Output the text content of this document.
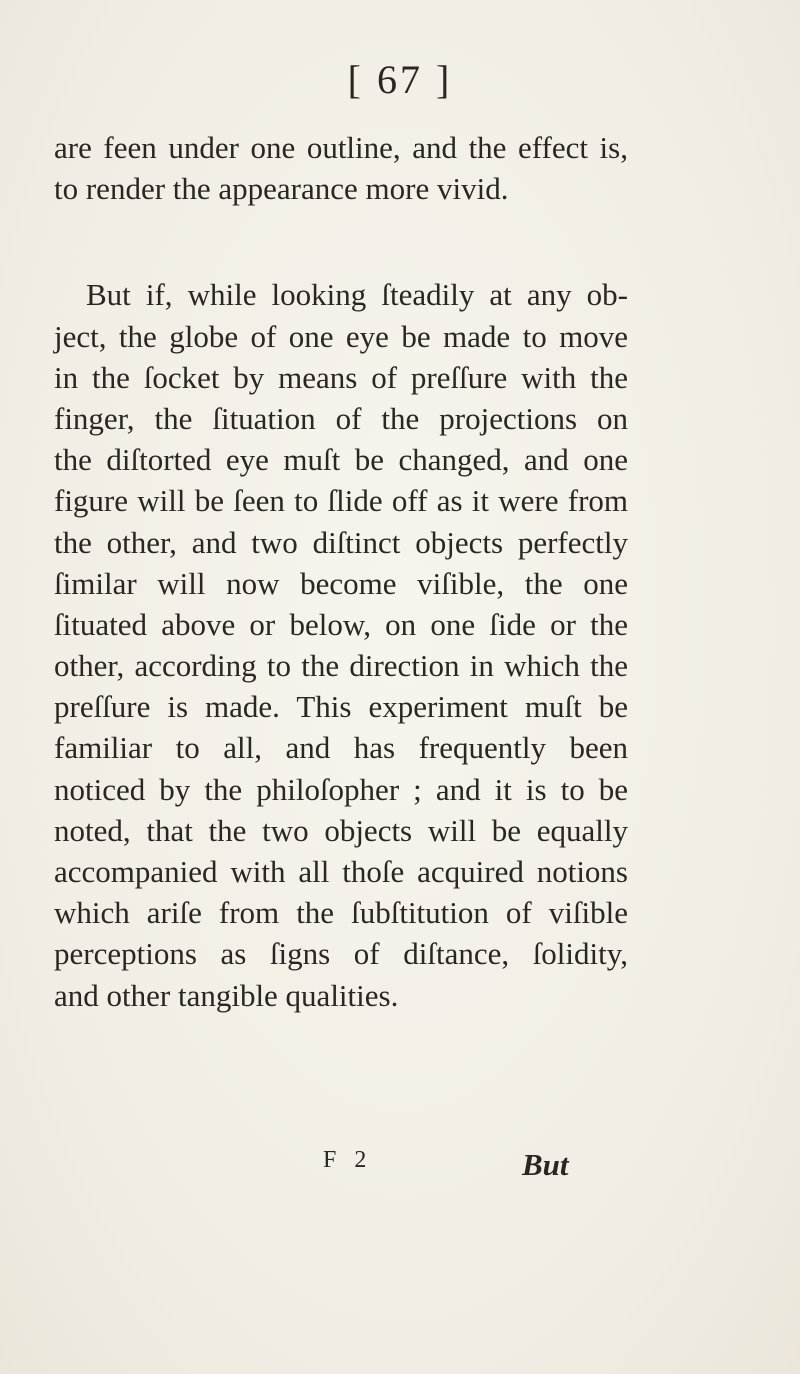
[ 67 ]
are feen under one outline, and the effect is,
to render the appearance more vivid.
But if, while looking ſteadily at any ob-
ject, the globe of one eye be made to move
in the ſocket by means of preſſure with the
finger, the ſituation of the projections on
the diſtorted eye muſt be changed, and one
figure will be ſeen to ſlide off as it were from
the other, and two diſtinct objects perfectly
ſimilar will now become viſible, the one
ſituated above or below, on one ſide or the
other, according to the direction in which the
preſſure is made. This experiment muſt be
familiar to all, and has frequently been
noticed by the philoſopher ; and it is to be
noted, that the two objects will be equally
accompanied with all thoſe acquired notions
which ariſe from the ſubſtitution of viſible
perceptions as ſigns of diſtance, ſolidity,
and other tangible qualities.
F 2	But
